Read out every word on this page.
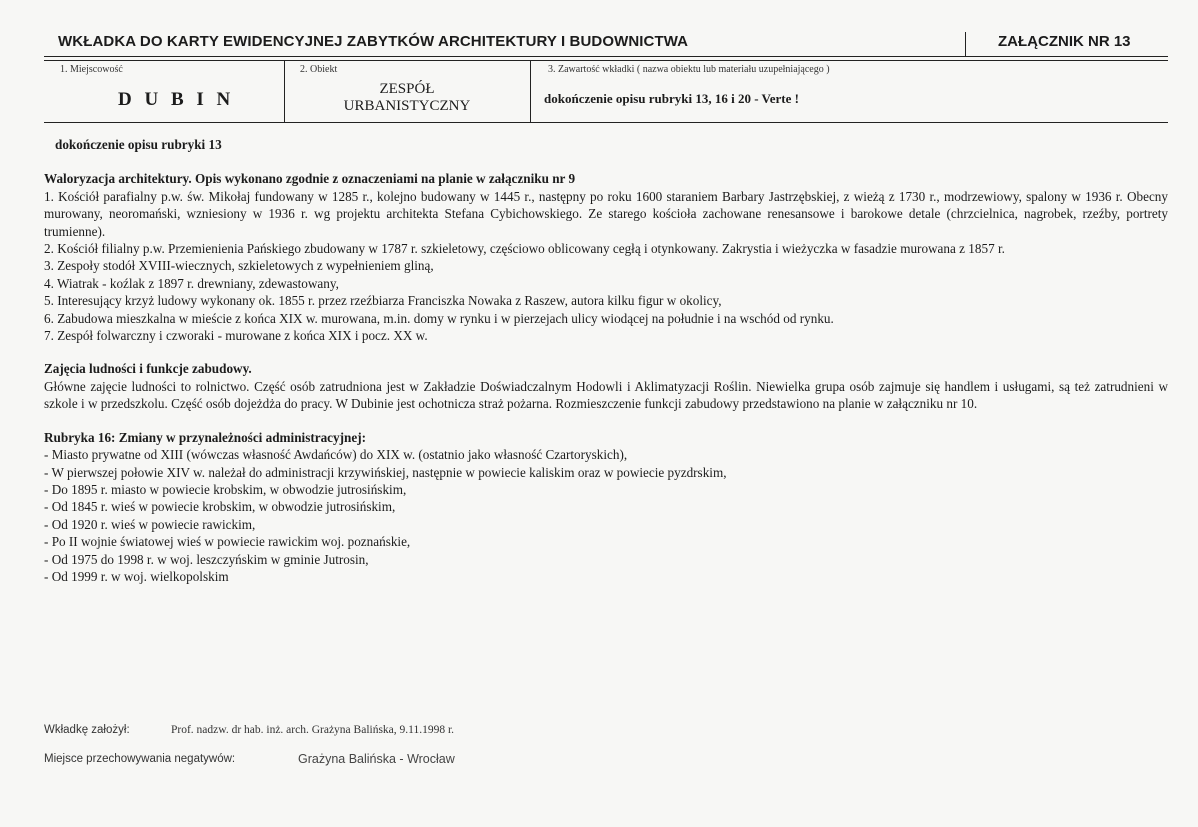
WKŁADKA DO KARTY EWIDENCYJNEJ ZABYTKÓW ARCHITEKTURY I BUDOWNICTWA	ZAŁĄCZNIK NR 13
1. Miejscowość
D U B I N
2. Obiekt
ZESPÓŁ
URBANISTYCZNY
3. Zawartość wkładki ( nazwa obiektu lub materiału uzupełniającego )
dokończenie opisu rubryki 13, 16 i 20 - Verte !

dokończenie opisu rubryki 13

Waloryzacja architektury. Opis wykonano zgodnie z oznaczeniami na planie w załączniku nr 9

1. Kościół parafialny p.w. św. Mikołaj fundowany w 1285 r., kolejno budowany w 1445 r., następny po roku 1600 staraniem Barbary Jastrzębskiej, z wieżą z 1730 r., modrzewiowy, spalony w 1936 r. Obecny murowany, neoromański, wzniesiony w 1936 r. wg projektu architekta Stefana Cybichowskiego. Ze starego kościoła zachowane renesansowe i barokowe detale (chrzcielnica, nagrobek, rzeźby, portrety trumienne).

2. Kościół filialny p.w. Przemienienia Pańskiego zbudowany w 1787 r. szkieletowy, częściowo oblicowany cegłą i otynkowany. Zakrystia i wieżyczka w fasadzie murowana z 1857 r.

3. Zespoły stodół XVIII-wiecznych, szkieletowych z wypełnieniem gliną,

4. Wiatrak - koźlak z 1897 r. drewniany, zdewastowany,

5. Interesujący krzyż ludowy wykonany ok. 1855 r. przez rzeźbiarza Franciszka Nowaka z Raszew, autora kilku figur w okolicy,

6. Zabudowa mieszkalna w mieście z końca XIX w. murowana, m.in. domy w rynku i w pierzejach ulicy wiodącej na południe i na wschód od rynku.

7. Zespół folwarczny i czworaki - murowane z końca XIX i pocz. XX w.

Zajęcia ludności i funkcje zabudowy.

Główne zajęcie ludności to rolnictwo. Część osób zatrudniona jest w Zakładzie Doświadczalnym Hodowli i Aklimatyzacji Roślin. Niewielka grupa osób zajmuje się handlem i usługami, są też zatrudnieni w szkole i w przedszkolu. Część osób dojeżdża do pracy. W Dubinie jest ochotnicza straż pożarna. Rozmieszczenie funkcji zabudowy przedstawiono na planie w załączniku nr 10.

Rubryka 16: Zmiany w przynależności administracyjnej:

- Miasto prywatne od XIII (wówczas własność Awdańców) do XIX w. (ostatnio jako własność Czartoryskich),

- W pierwszej połowie XIV w. należał do administracji krzywińskiej, następnie w powiecie kaliskim oraz w powiecie pyzdrskim,

- Do 1895 r. miasto w powiecie krobskim, w obwodzie jutrosińskim,

- Od 1845 r. wieś w powiecie krobskim, w obwodzie jutrosińskim,

- Od 1920 r. wieś w powiecie rawickim,

- Po II wojnie światowej wieś w powiecie rawickim woj. poznańskie,

- Od 1975 do 1998 r. w woj. leszczyńskim w gminie Jutrosin,

- Od 1999 r. w woj. wielkopolskim

Wkładkę założył:	Prof. nadzw. dr hab. inż. arch. Grażyna Balińska, 9.11.1998 r.
Miejsce przechowywania negatywów:	Grażyna Balińska - Wrocław
